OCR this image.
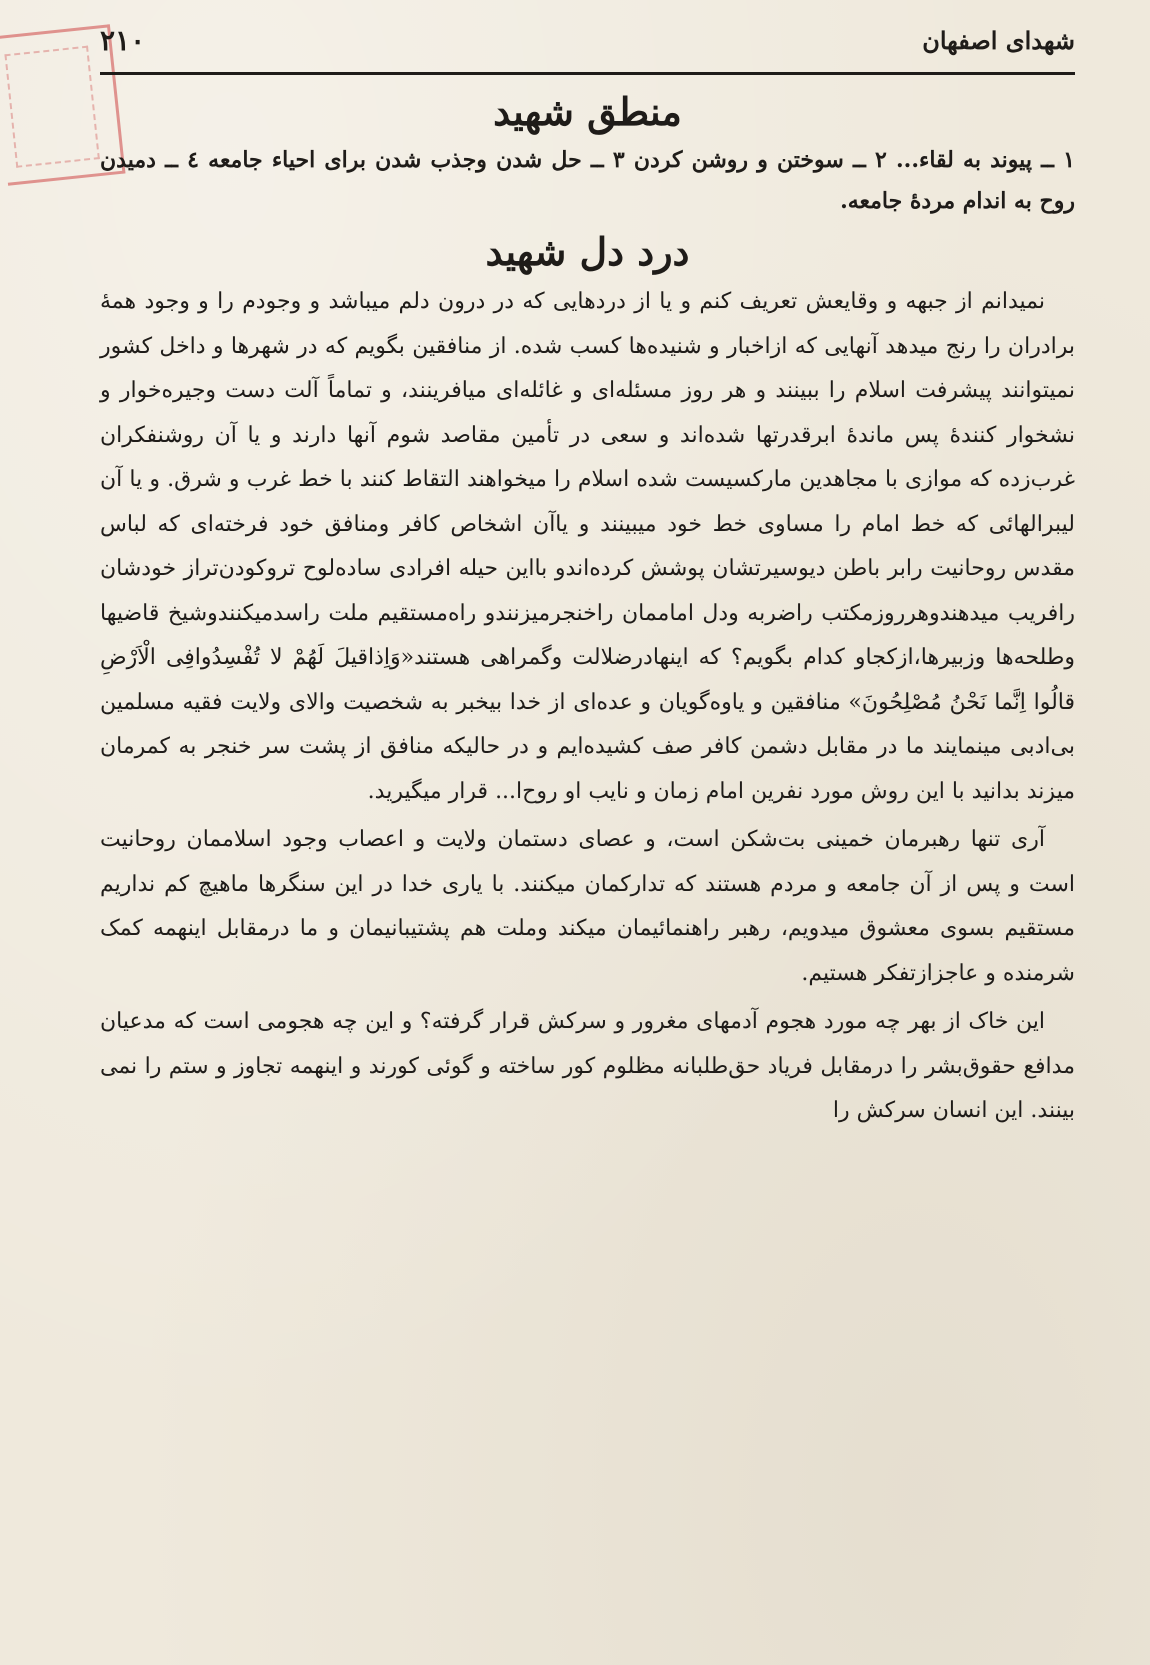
شهدای اصفهان
۲۱۰
منطق شهید

۱ ــ پیوند به لقاء... ۲ ــ سوختن و روشن کردن ۳ ــ حل شدن وجذب شدن برای احیاء جامعه ٤ ــ دمیدن روح به اندام مردهٔ جامعه.

درد دل شهید

نمیدانم از جبهه و وقایعش تعریف کنم و یا از دردهایی که در درون دلم میباشد و وجودم را و وجود همهٔ برادران را رنج میدهد آنهایی که ازاخبار و شنیده‌ها کسب شده. از منافقین بگویم که در شهرها و داخل کشور نمیتوانند پیشرفت اسلام را ببینند و هر روز مسئله‌ای و غائله‌ای میافرینند، و تماماً آلت دست وجیره‌خوار و نشخوار کنندهٔ پس ماندهٔ ابرقدرتها شده‌اند و سعی در تأمین مقاصد شوم آنها دارند و یا آن روشنفکران غرب‌زده که موازی با مجاهدین مارکسیست شده اسلام را میخواهند التقاط کنند با خط غرب و شرق. و یا آن لیبرالهائی که خط امام را مساوی خط خود میبینند و یاآن اشخاص کافر ومنافق خود فرخته‌ای که لباس مقدس روحانیت رابر باطن دیوسیرتشان پوشش کرده‌اندو بااین حیله افرادی ساده‌لوح تروکودن‌تراز خودشان رافریب میدهندوهرروزمکتب راضربه ودل اماممان راخنجرمیزنندو راه‌مستقیم ملت راسدمیکنندوشیخ قاضیها وطلحه‌ها وزبیرها،ازکجاو کدام بگویم؟ که اینهادرضلالت وگمراهی هستند«وَاِذاقیلَ لَهُمْ لا تُفْسِدُوافِی الْاَرْضِ قالُوا اِنَّما نَحْنُ مُصْلِحُونَ» منافقین و یاوه‌گویان و عده‌ای از خدا بیخبر به شخصیت والای ولایت فقیه مسلمین بی‌ادبی مینمایند ما در مقابل دشمن کافر صف کشیده‌ایم و در حالیکه منافق از پشت سر خنجر به کمرمان میزند بدانید با این روش مورد نفرین امام زمان و نایب او روح‌ا... قرار میگیرید.

آری تنها رهبرمان خمینی بت‌شکن است، و عصای دستمان ولایت و اعصاب وجود اسلاممان روحانیت است و پس از آن جامعه و مردم هستند که تدارکمان میکنند. با یاری خدا در این سنگرها ماهیچ کم نداریم مستقیم بسوی معشوق میدویم، رهبر راهنمائیمان میکند وملت هم پشتیبانیمان و ما درمقابل اینهمه کمک شرمنده و عاجزازتفکر هستیم.

این خاک از بهر چه مورد هجوم آدمهای مغرور و سرکش قرار گرفته؟ و این چه هجومی است که مدعیان مدافع حقوق‌بشر را درمقابل فریاد حق‌طلبانه مظلوم کور ساخته و گوئی کورند و اینهمه تجاوز و ستم را نمی بینند. این انسان سرکش را
